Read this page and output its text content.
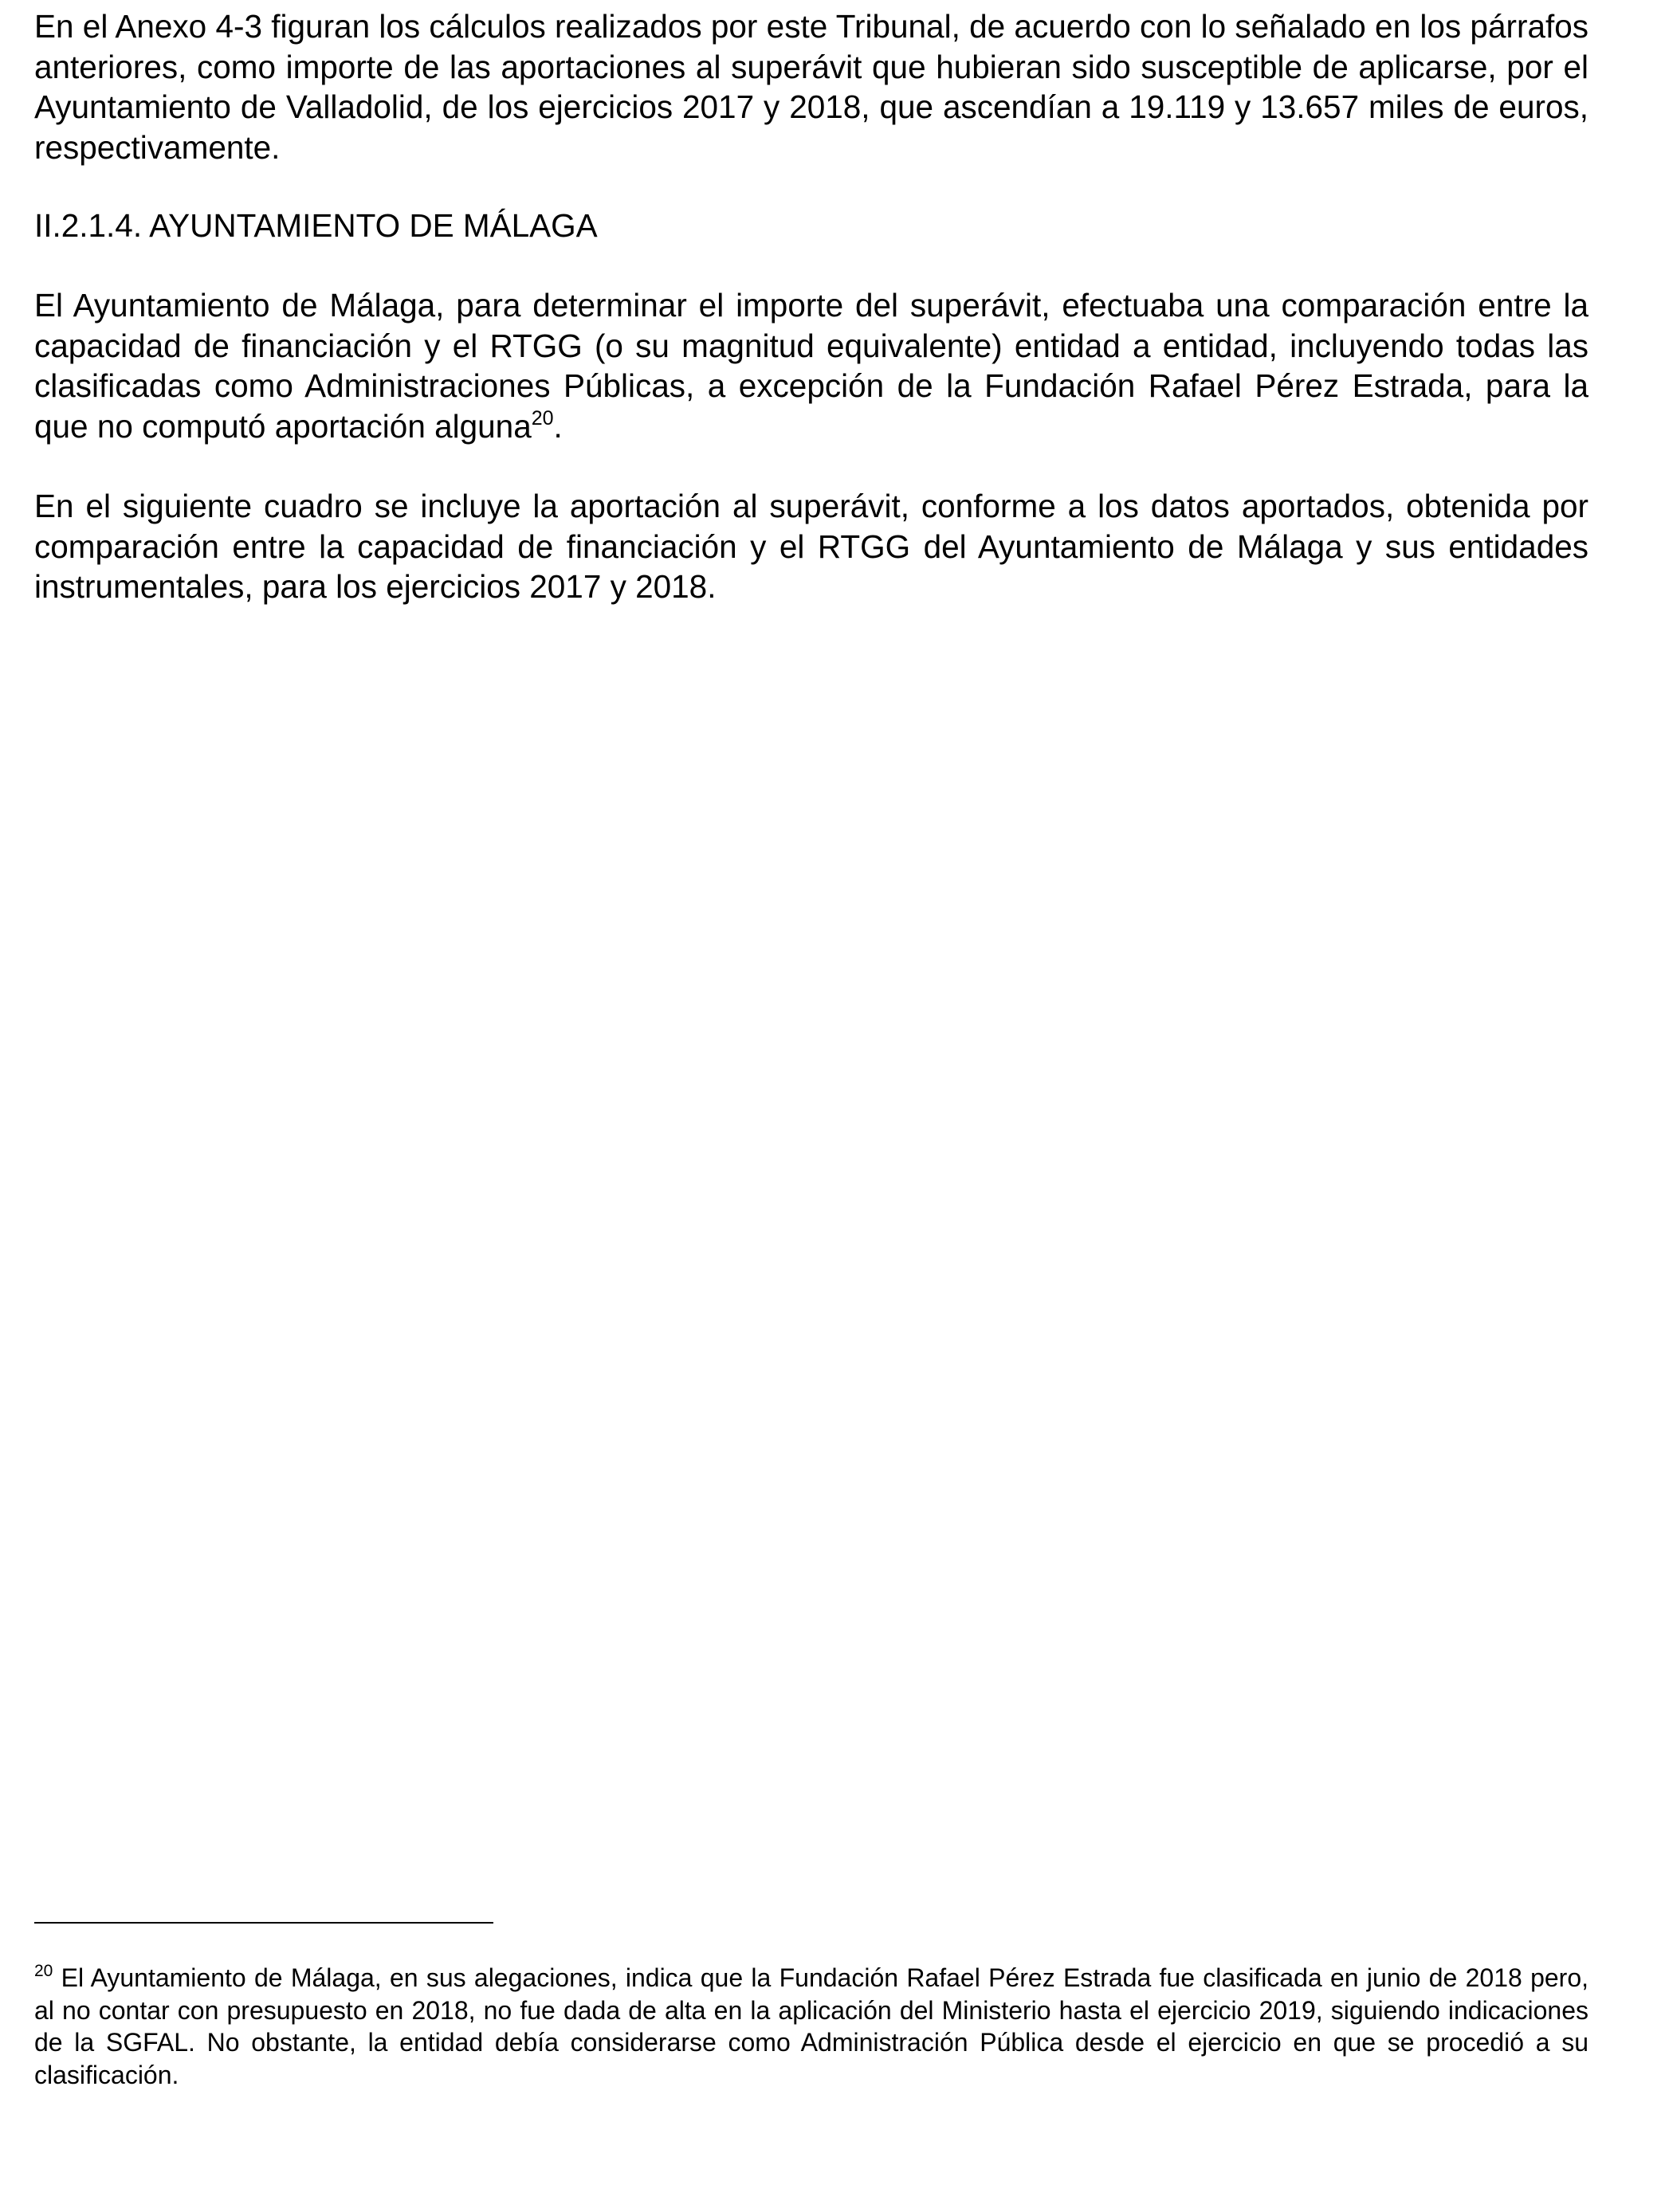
En el Anexo 4-3 figuran los cálculos realizados por este Tribunal, de acuerdo con lo señalado en los párrafos anteriores, como importe de las aportaciones al superávit que hubieran sido susceptible de aplicarse, por el Ayuntamiento de Valladolid, de los ejercicios 2017 y 2018, que ascendían a 19.119 y 13.657 miles de euros, respectivamente.

II.2.1.4. AYUNTAMIENTO DE MÁLAGA

El Ayuntamiento de Málaga, para determinar el importe del superávit, efectuaba una comparación entre la capacidad de financiación y el RTGG (o su magnitud equivalente) entidad a entidad, incluyendo todas las clasificadas como Administraciones Públicas, a excepción de la Fundación Rafael Pérez Estrada, para la que no computó aportación alguna$^{20}$.

En el siguiente cuadro se incluye la aportación al superávit, conforme a los datos aportados, obtenida por comparación entre la capacidad de financiación y el RTGG del Ayuntamiento de Málaga y sus entidades instrumentales, para los ejercicios 2017 y 2018.

$^{20}$ El Ayuntamiento de Málaga, en sus alegaciones, indica que la Fundación Rafael Pérez Estrada fue clasificada en junio de 2018 pero, al no contar con presupuesto en 2018, no fue dada de alta en la aplicación del Ministerio hasta el ejercicio 2019, siguiendo indicaciones de la SGFAL. No obstante, la entidad debía considerarse como Administración Pública desde el ejercicio en que se procedió a su clasificación.
